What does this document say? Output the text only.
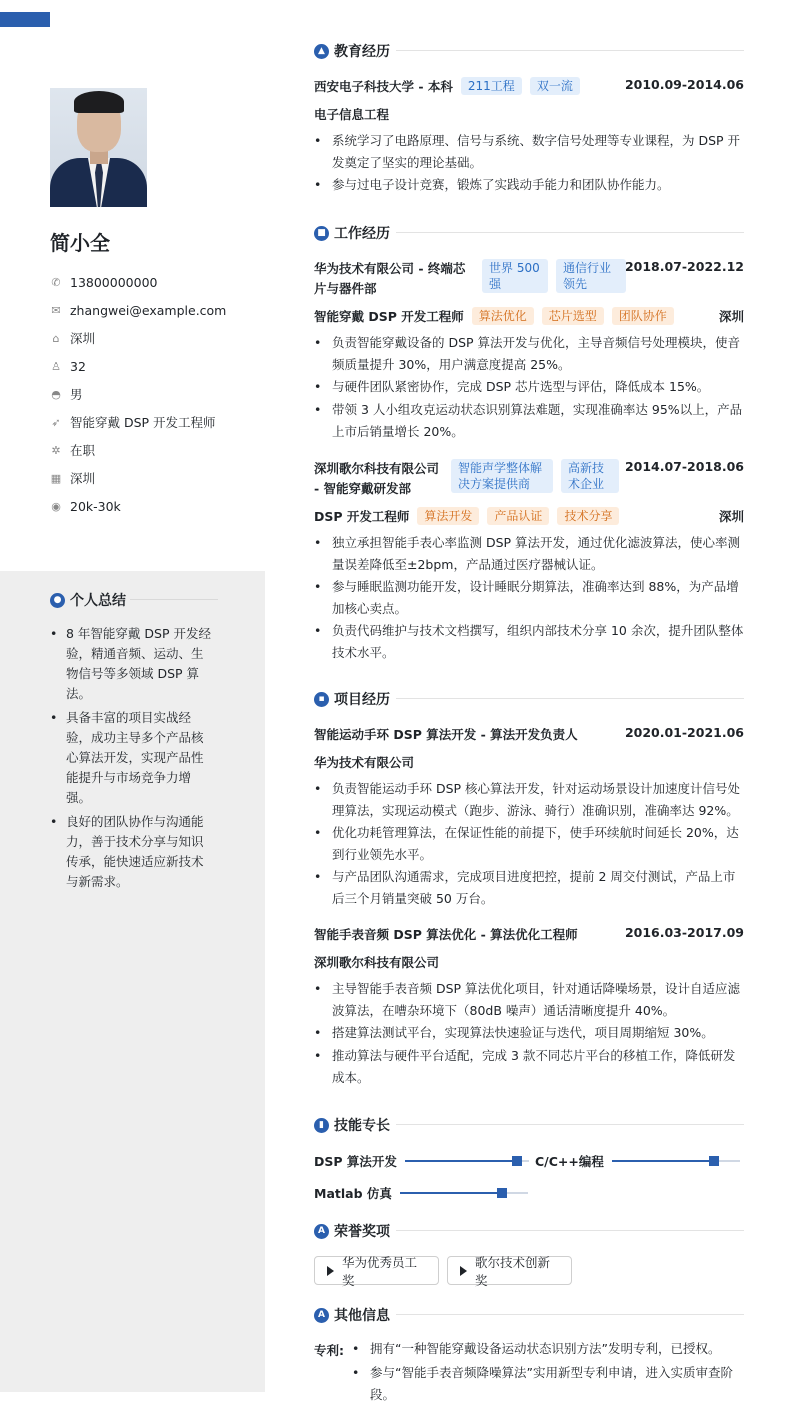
简小全
✆ 13800000000
✉ zhangwei@example.com
⌂ 深圳
♙ 32
◓ 男
➶ 智能穿戴 DSP 开发工程师
✲ 在职
▦ 深圳
◉ 20k-30k
● 个人总结
• 8 年智能穿戴 DSP 开发经验，精通音频、运动、生物信号等多领域 DSP 算法。
• 具备丰富的项目实战经验，成功主导多个产品核心算法开发，实现产品性能提升与市场竞争力增强。
• 良好的团队协作与沟通能力，善于技术分享与知识传承，能快速适应新技术与新需求。
▲ 教育经历
西安电子科技大学 - 本科	211工程	双一流	2010.09-2014.06
电子信息工程
• 系统学习了电路原理、信号与系统、数字信号处理等专业课程，为 DSP 开发奠定了坚实的理论基础。
• 参与过电子设计竞赛，锻炼了实践动手能力和团队协作能力。
■ 工作经历
华为技术有限公司 - 终端芯片与器件部
世界 500 强
通信行业领先
2018.07-2022.12
智能穿戴 DSP 开发工程师	算法优化	芯片选型	团队协作	深圳
• 负责智能穿戴设备的 DSP 算法开发与优化，主导音频信号处理模块，使音频质量提升 30%，用户满意度提高 25%。
• 与硬件团队紧密协作，完成 DSP 芯片选型与评估，降低成本 15%。
• 带领 3 人小组攻克运动状态识别算法难题，实现准确率达 95%以上，产品上市后销量增长 20%。
深圳歌尔科技有限公司 - 智能穿戴研发部
智能声学整体解决方案提供商
高新技术企业
2014.07-2018.06
DSP 开发工程师	算法开发	产品认证	技术分享	深圳
• 独立承担智能手表心率监测 DSP 算法开发，通过优化滤波算法，使心率测量误差降低至±2bpm，产品通过医疗器械认证。
• 参与睡眠监测功能开发，设计睡眠分期算法，准确率达到 88%，为产品增加核心卖点。
• 负责代码维护与技术文档撰写，组织内部技术分享 10 余次，提升团队整体技术水平。
▪ 项目经历
智能运动手环 DSP 算法开发 - 算法开发负责人	2020.01-2021.06
华为技术有限公司
• 负责智能运动手环 DSP 核心算法开发，针对运动场景设计加速度计信号处理算法，实现运动模式（跑步、游泳、骑行）准确识别，准确率达 92%。
• 优化功耗管理算法，在保证性能的前提下，使手环续航时间延长 20%，达到行业领先水平。
• 与产品团队沟通需求，完成项目进度把控，提前 2 周交付测试，产品上市后三个月销量突破 50 万台。
智能手表音频 DSP 算法优化 - 算法优化工程师	2016.03-2017.09
深圳歌尔科技有限公司
• 主导智能手表音频 DSP 算法优化项目，针对通话降噪场景，设计自适应滤波算法，在嘈杂环境下（80dB 噪声）通话清晰度提升 40%。
• 搭建算法测试平台，实现算法快速验证与迭代，项目周期缩短 30%。
• 推动算法与硬件平台适配，完成 3 款不同芯片平台的移植工作，降低研发成本。
▮ 技能专长
DSP 算法开发	C/C++编程
Matlab 仿真
A 荣誉奖项
华为优秀员工奖
歌尔技术创新奖
A 其他信息
专利:
•	拥有“一种智能穿戴设备运动状态识别方法”发明专利，已授权。
• 参与“智能手表音频降噪算法”实用新型专利申请，进入实质审查阶段。
